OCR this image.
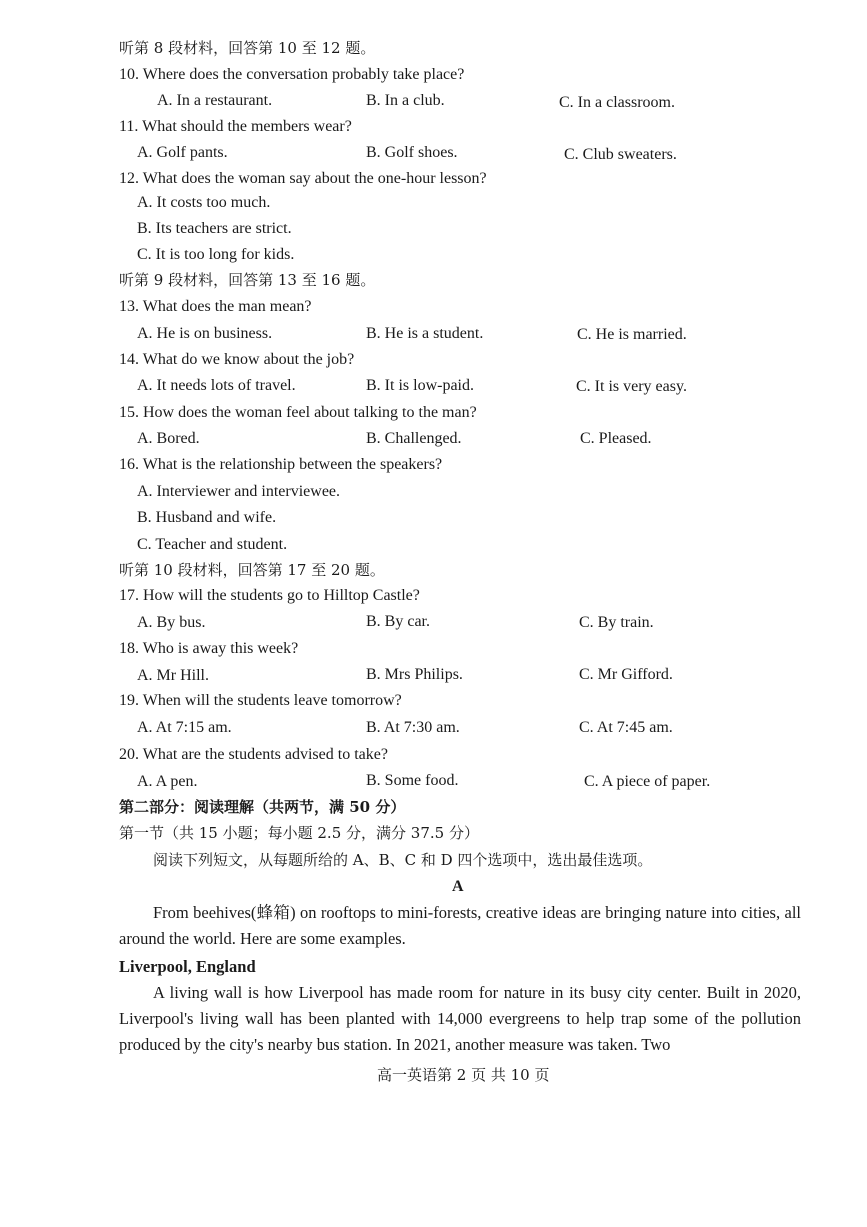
听第 8 段材料，回答第 10 至 12 题。
10. Where does the conversation probably take place?
A. In a restaurant.	B. In a club.	C. In a classroom.
11. What should the members wear?
A. Golf pants.	B. Golf shoes.	C. Club sweaters.
12. What does the woman say about the one-hour lesson?
A. It costs too much.
B. Its teachers are strict.
C. It is too long for kids.
听第 9 段材料，回答第 13 至 16 题。
13. What does the man mean?
A. He is on business.	B. He is a student.	C. He is married.
14. What do we know about the job?
A. It needs lots of travel.	B. It is low-paid.	C. It is very easy.
15. How does the woman feel about talking to the man?
A. Bored.	B. Challenged.	C. Pleased.
16. What is the relationship between the speakers?
A. Interviewer and interviewee.
B. Husband and wife.
C. Teacher and student.
听第 10 段材料，回答第 17 至 20 题。
17. How will the students go to Hilltop Castle?
A. By bus.	B. By car.	C. By train.
18. Who is away this week?
A. Mr Hill.	B. Mrs Philips.	C. Mr Gifford.
19. When will the students leave tomorrow?
A. At 7:15 am.	B. At 7:30 am.	C. At 7:45 am.
20. What are the students advised to take?
A. A pen.	B. Some food.	C. A piece of paper.
第二部分：阅读理解（共两节，满 50 分）
第一节（共 15 小题；每小题 2.5 分，满分 37.5 分）
阅读下列短文，从每题所给的 A、B、C 和 D 四个选项中，选出最佳选项。
A
From beehives(蜂箱) on rooftops to mini-forests, creative ideas are bringing nature into cities, all around the world. Here are some examples.
Liverpool, England
A living wall is how Liverpool has made room for nature in its busy city center. Built in 2020, Liverpool's living wall has been planted with 14,000 evergreens to help trap some of the pollution produced by the city's nearby bus station. In 2021, another measure was taken. Two
高一英语第 2 页 共 10 页
